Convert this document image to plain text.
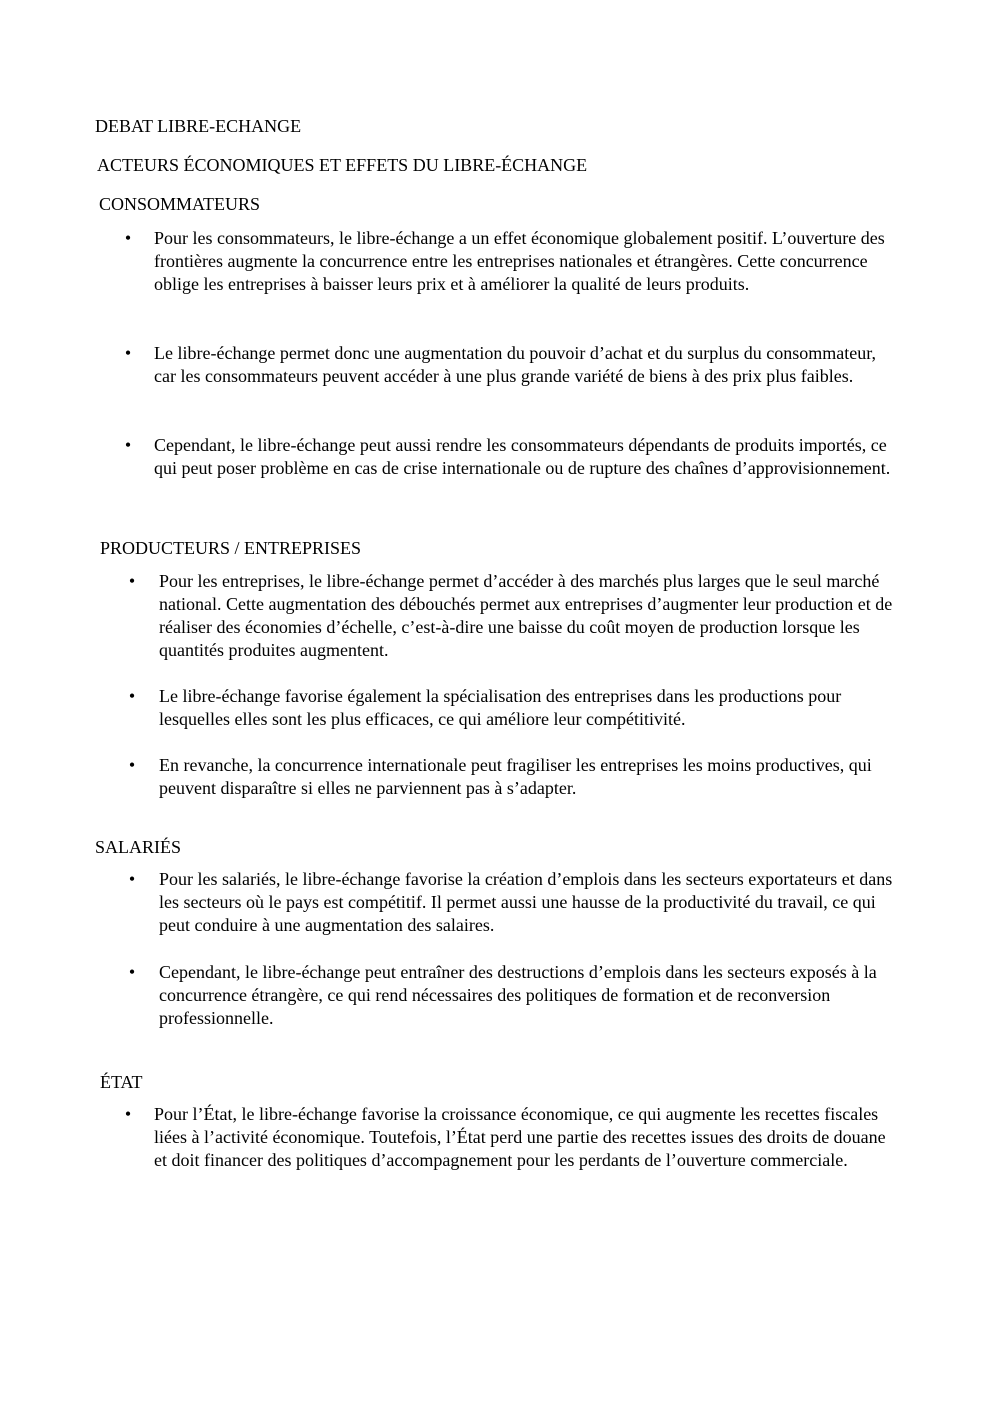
DEBAT LIBRE-ECHANGE
ACTEURS ÉCONOMIQUES ET EFFETS DU LIBRE-ÉCHANGE
CONSOMMATEURS
• Pour les consommateurs, le libre-échange a un effet économique globalement positif. L’ouverture des frontières augmente la concurrence entre les entreprises nationales et étrangères. Cette concurrence oblige les entreprises à baisser leurs prix et à améliorer la qualité de leurs produits.
• Le libre-échange permet donc une augmentation du pouvoir d’achat et du surplus du consommateur, car les consommateurs peuvent accéder à une plus grande variété de biens à des prix plus faibles.
• Cependant, le libre-échange peut aussi rendre les consommateurs dépendants de produits importés, ce qui peut poser problème en cas de crise internationale ou de rupture des chaînes d’approvisionnement.
PRODUCTEURS / ENTREPRISES
• Pour les entreprises, le libre-échange permet d’accéder à des marchés plus larges que le seul marché national. Cette augmentation des débouchés permet aux entreprises d’augmenter leur production et de réaliser des économies d’échelle, c’est-à-dire une baisse du coût moyen de production lorsque les quantités produites augmentent.
• Le libre-échange favorise également la spécialisation des entreprises dans les productions pour lesquelles elles sont les plus efficaces, ce qui améliore leur compétitivité.
• En revanche, la concurrence internationale peut fragiliser les entreprises les moins productives, qui peuvent disparaître si elles ne parviennent pas à s’adapter.
SALARIÉS
• Pour les salariés, le libre-échange favorise la création d’emplois dans les secteurs exportateurs et dans les secteurs où le pays est compétitif. Il permet aussi une hausse de la productivité du travail, ce qui peut conduire à une augmentation des salaires.
• Cependant, le libre-échange peut entraîner des destructions d’emplois dans les secteurs exposés à la concurrence étrangère, ce qui rend nécessaires des politiques de formation et de reconversion professionnelle.
ÉTAT
• Pour l’État, le libre-échange favorise la croissance économique, ce qui augmente les recettes fiscales liées à l’activité économique. Toutefois, l’État perd une partie des recettes issues des droits de douane et doit financer des politiques d’accompagnement pour les perdants de l’ouverture commerciale.
